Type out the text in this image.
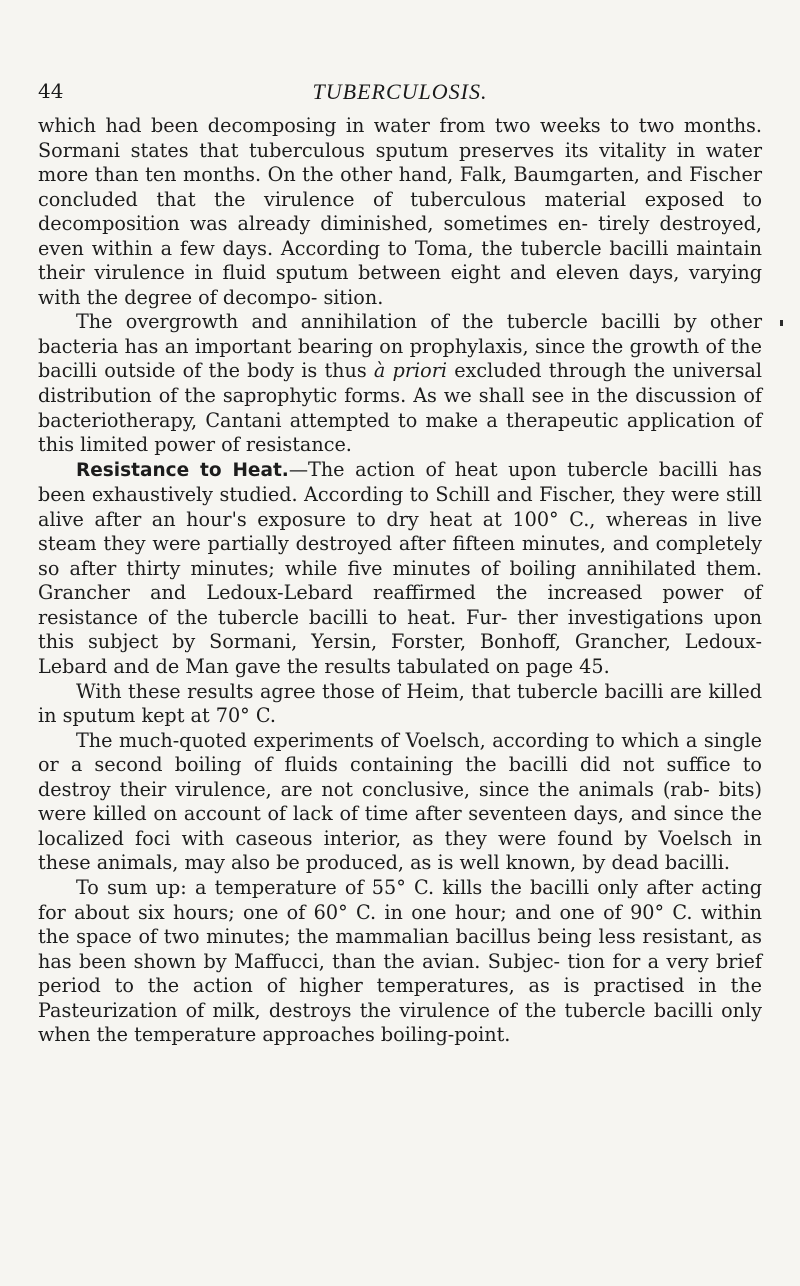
44	TUBERCULOSIS.

which had been decomposing in water from two weeks to two months. Sormani states that tuberculous sputum preserves its vitality in water more than ten months. On the other hand, Falk, Baumgarten, and Fischer concluded that the virulence of tuberculous material exposed to decomposition was already diminished, sometimes en- tirely destroyed, even within a few days. According to Toma, the tubercle bacilli maintain their virulence in fluid sputum between eight and eleven days, varying with the degree of decompo- sition.

The overgrowth and annihilation of the tubercle bacilli by other bacteria has an important bearing on prophylaxis, since the growth of the bacilli outside of the body is thus à priori excluded through the universal distribution of the saprophytic forms. As we shall see in the discussion of bacteriotherapy, Cantani attempted to make a therapeutic application of this limited power of resistance.

Resistance to Heat.—The action of heat upon tubercle bacilli has been exhaustively studied. According to Schill and Fischer, they were still alive after an hour's exposure to dry heat at 100° C., whereas in live steam they were partially destroyed after fifteen minutes, and completely so after thirty minutes; while five minutes of boiling annihilated them. Grancher and Ledoux-Lebard reaffirmed the increased power of resistance of the tubercle bacilli to heat. Fur- ther investigations upon this subject by Sormani, Yersin, Forster, Bonhoff, Grancher, Ledoux-Lebard and de Man gave the results tabulated on page 45.

With these results agree those of Heim, that tubercle bacilli are killed in sputum kept at 70° C.

The much-quoted experiments of Voelsch, according to which a single or a second boiling of fluids containing the bacilli did not suffice to destroy their virulence, are not conclusive, since the animals (rab- bits) were killed on account of lack of time after seventeen days, and since the localized foci with caseous interior, as they were found by Voelsch in these animals, may also be produced, as is well known, by dead bacilli.

To sum up: a temperature of 55° C. kills the bacilli only after acting for about six hours; one of 60° C. in one hour; and one of 90° C. within the space of two minutes; the mammalian bacillus being less resistant, as has been shown by Maffucci, than the avian. Subjec- tion for a very brief period to the action of higher temperatures, as is practised in the Pasteurization of milk, destroys the virulence of the tubercle bacilli only when the temperature approaches boiling-point.
